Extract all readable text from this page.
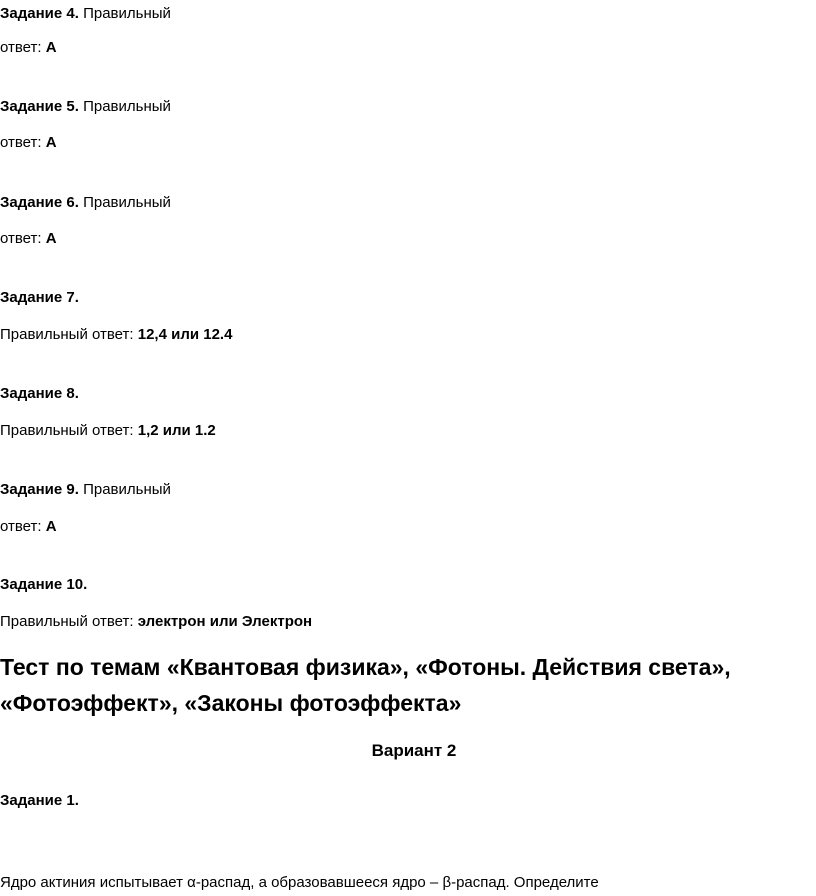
Задание 4. Правильный
ответ: А
Задание 5. Правильный
ответ: А
Задание 6. Правильный
ответ: А
Задание 7.
Правильный ответ: 12,4 или 12.4
Задание 8.
Правильный ответ: 1,2 или 1.2
Задание 9. Правильный
ответ: А
Задание 10.
Правильный ответ: электрон или Электрон
Тест по темам «Квантовая физика», «Фотоны. Действия света»,
«Фотоэффект», «Законы фотоэффекта»
Вариант 2
Задание 1.
Ядро актиния испытывает α-распад, а образовавшееся ядро – β-распад. Определите
